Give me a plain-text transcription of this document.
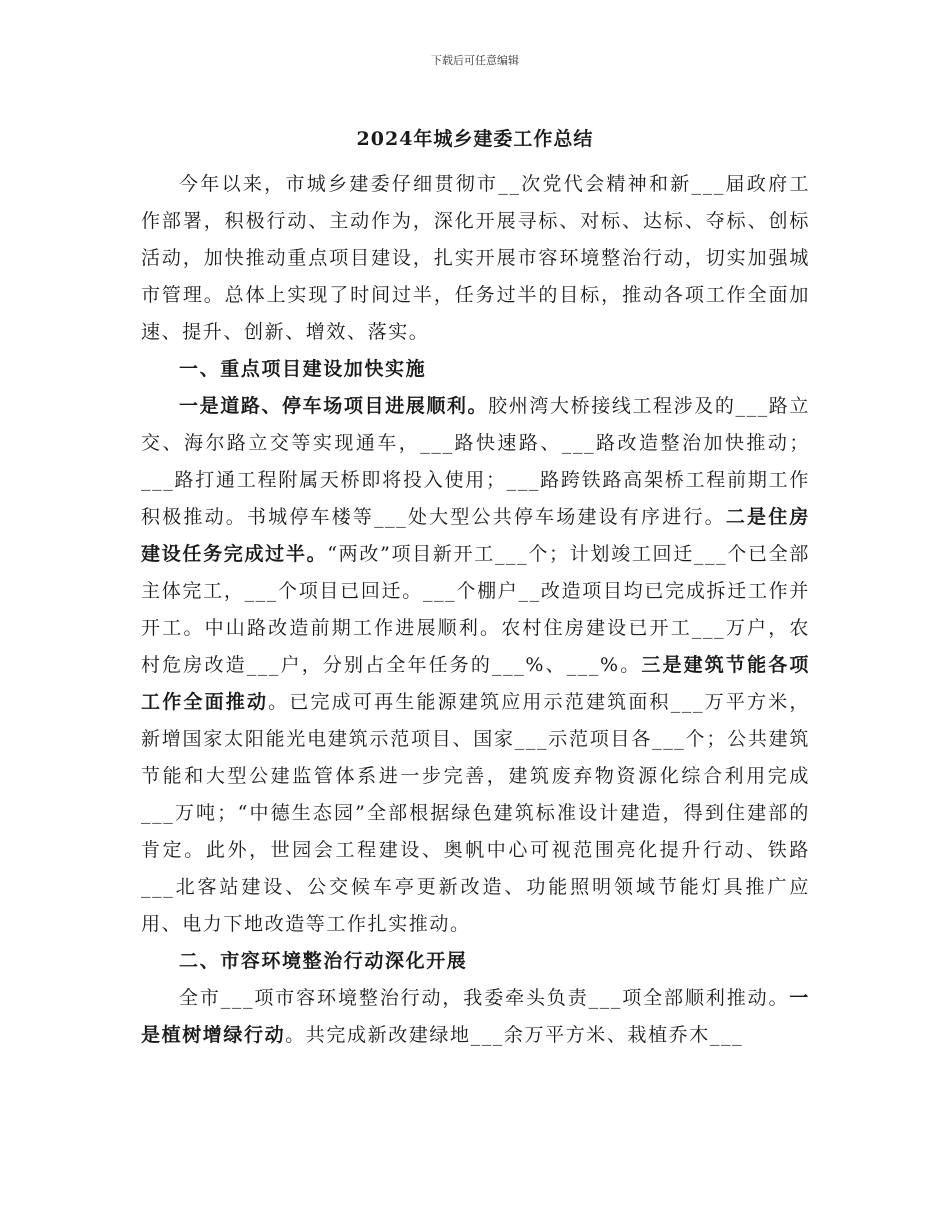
下载后可任意编辑
2024年城乡建委工作总结

今年以来，市城乡建委仔细贯彻市__次党代会精神和新___届政府工作部署，积极行动、主动作为，深化开展寻标、对标、达标、夺标、创标活动，加快推动重点项目建设，扎实开展市容环境整治行动，切实加强城市管理。总体上实现了时间过半，任务过半的目标，推动各项工作全面加速、提升、创新、增效、落实。

一、重点项目建设加快实施

一是道路、停车场项目进展顺利。胶州湾大桥接线工程涉及的___路立交、海尔路立交等实现通车，___路快速路、___路改造整治加快推动；___路打通工程附属天桥即将投入使用；___路跨铁路高架桥工程前期工作积极推动。书城停车楼等___处大型公共停车场建设有序进行。二是住房建设任务完成过半。“两改”项目新开工___个；计划竣工回迁___个已全部主体完工，___个项目已回迁。___个棚户__改造项目均已完成拆迁工作并开工。中山路改造前期工作进展顺利。农村住房建设已开工___万户，农村危房改造___户，分别占全年任务的___%、___%。三是建筑节能各项工作全面推动。已完成可再生能源建筑应用示范建筑面积___万平方米，新增国家太阳能光电建筑示范项目、国家___示范项目各___个；公共建筑节能和大型公建监管体系进一步完善，建筑废弃物资源化综合利用完成___万吨；“中德生态园”全部根据绿色建筑标准设计建造，得到住建部的肯定。此外，世园会工程建设、奥帆中心可视范围亮化提升行动、铁路___北客站建设、公交候车亭更新改造、功能照明领域节能灯具推广应用、电力下地改造等工作扎实推动。

二、市容环境整治行动深化开展

全市___项市容环境整治行动，我委牵头负责___项全部顺利推动。一是植树增绿行动。共完成新改建绿地___余万平方米、栽植乔木___
